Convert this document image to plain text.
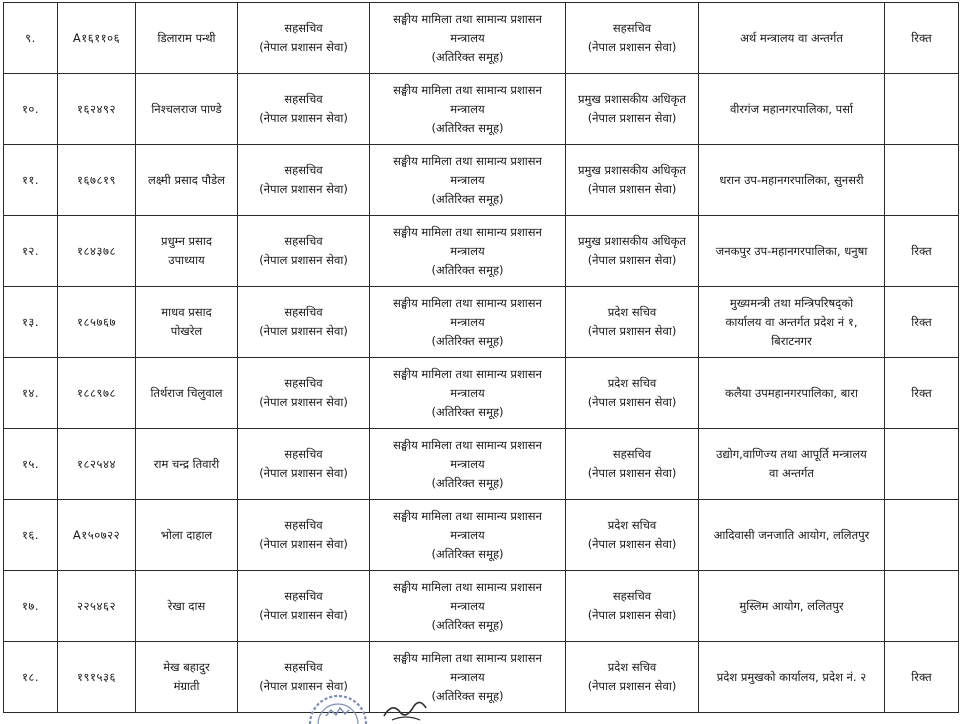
९.	A१६११०६	डिलाराम पन्थी	सहसचिव
(नेपाल प्रशासन सेवा)	सङ्घीय मामिला तथा सामान्य प्रशासन
मन्त्रालय
(अतिरिक्त समूह)	सहसचिव
(नेपाल प्रशासन सेवा)	अर्थ मन्त्रालय वा अन्तर्गत	रिक्त
१०.	१६२४९२	निश्चलराज पाण्डे	सहसचिव
(नेपाल प्रशासन सेवा)	सङ्घीय मामिला तथा सामान्य प्रशासन
मन्त्रालय
(अतिरिक्त समूह)	प्रमुख प्रशासकीय अधिकृत
(नेपाल प्रशासन सेवा)	वीरगंज महानगरपालिका, पर्सा	

११.	१६७८१९	लक्ष्मी प्रसाद पौडेल	सहसचिव
(नेपाल प्रशासन सेवा)	सङ्घीय मामिला तथा सामान्य प्रशासन
मन्त्रालय
(अतिरिक्त समूह)	प्रमुख प्रशासकीय अधिकृत
(नेपाल प्रशासन सेवा)	धरान उप-महानगरपालिका, सुनसरी	

१२.	१८४३७८	प्रधुम्न प्रसाद
उपाध्याय	सहसचिव
(नेपाल प्रशासन सेवा)	सङ्घीय मामिला तथा सामान्य प्रशासन
मन्त्रालय
(अतिरिक्त समूह)	प्रमुख प्रशासकीय अधिकृत
(नेपाल प्रशासन सेवा)	जनकपुर उप-महानगरपालिका, धनुषा	रिक्त
१३.	१८५७६७	माधव प्रसाद
पोखरेल	सहसचिव
(नेपाल प्रशासन सेवा)	सङ्घीय मामिला तथा सामान्य प्रशासन
मन्त्रालय
(अतिरिक्त समूह)	प्रदेश सचिव
(नेपाल प्रशासन सेवा)	मुख्यमन्त्री तथा मन्त्रिपरिषद्को
कार्यालय वा अन्तर्गत प्रदेश नं १,
बिराटनगर	रिक्त
१४.	१८८९७८	तिर्थराज चिलुवाल	सहसचिव
(नेपाल प्रशासन सेवा)	सङ्घीय मामिला तथा सामान्य प्रशासन
मन्त्रालय
(अतिरिक्त समूह)	प्रदेश सचिव
(नेपाल प्रशासन सेवा)	कलैया उपमहानगरपालिका, बारा	रिक्त
१५.	१८२५४४	राम चन्द्र तिवारी	सहसचिव
(नेपाल प्रशासन सेवा)	सङ्घीय मामिला तथा सामान्य प्रशासन
मन्त्रालय
(अतिरिक्त समूह)	सहसचिव
(नेपाल प्रशासन सेवा)	उद्योग,वाणिज्य तथा आपूर्ति मन्त्रालय
वा अन्तर्गत	

१६.	A१५०७२२	भोला दाहाल	सहसचिव
(नेपाल प्रशासन सेवा)	सङ्घीय मामिला तथा सामान्य प्रशासन
मन्त्रालय
(अतिरिक्त समूह)	प्रदेश सचिव
(नेपाल प्रशासन सेवा)	आदिवासी जनजाति आयोग, ललितपुर	

१७.	२२५४६२	रेखा दास	सहसचिव
(नेपाल प्रशासन सेवा)	सङ्घीय मामिला तथा सामान्य प्रशासन
मन्त्रालय
(अतिरिक्त समूह)	सहसचिव
(नेपाल प्रशासन सेवा)	मुस्लिम आयोग, ललितपुर	

१८.	१९१५३६	मेख बहादुर
मंग्राती	सहसचिव
(नेपाल प्रशासन सेवा)	सङ्घीय मामिला तथा सामान्य प्रशासन
मन्त्रालय
(अतिरिक्त समूह)	प्रदेश सचिव
(नेपाल प्रशासन सेवा)	प्रदेश प्रमुखको कार्यालय, प्रदेश नं. २	रिक्त
